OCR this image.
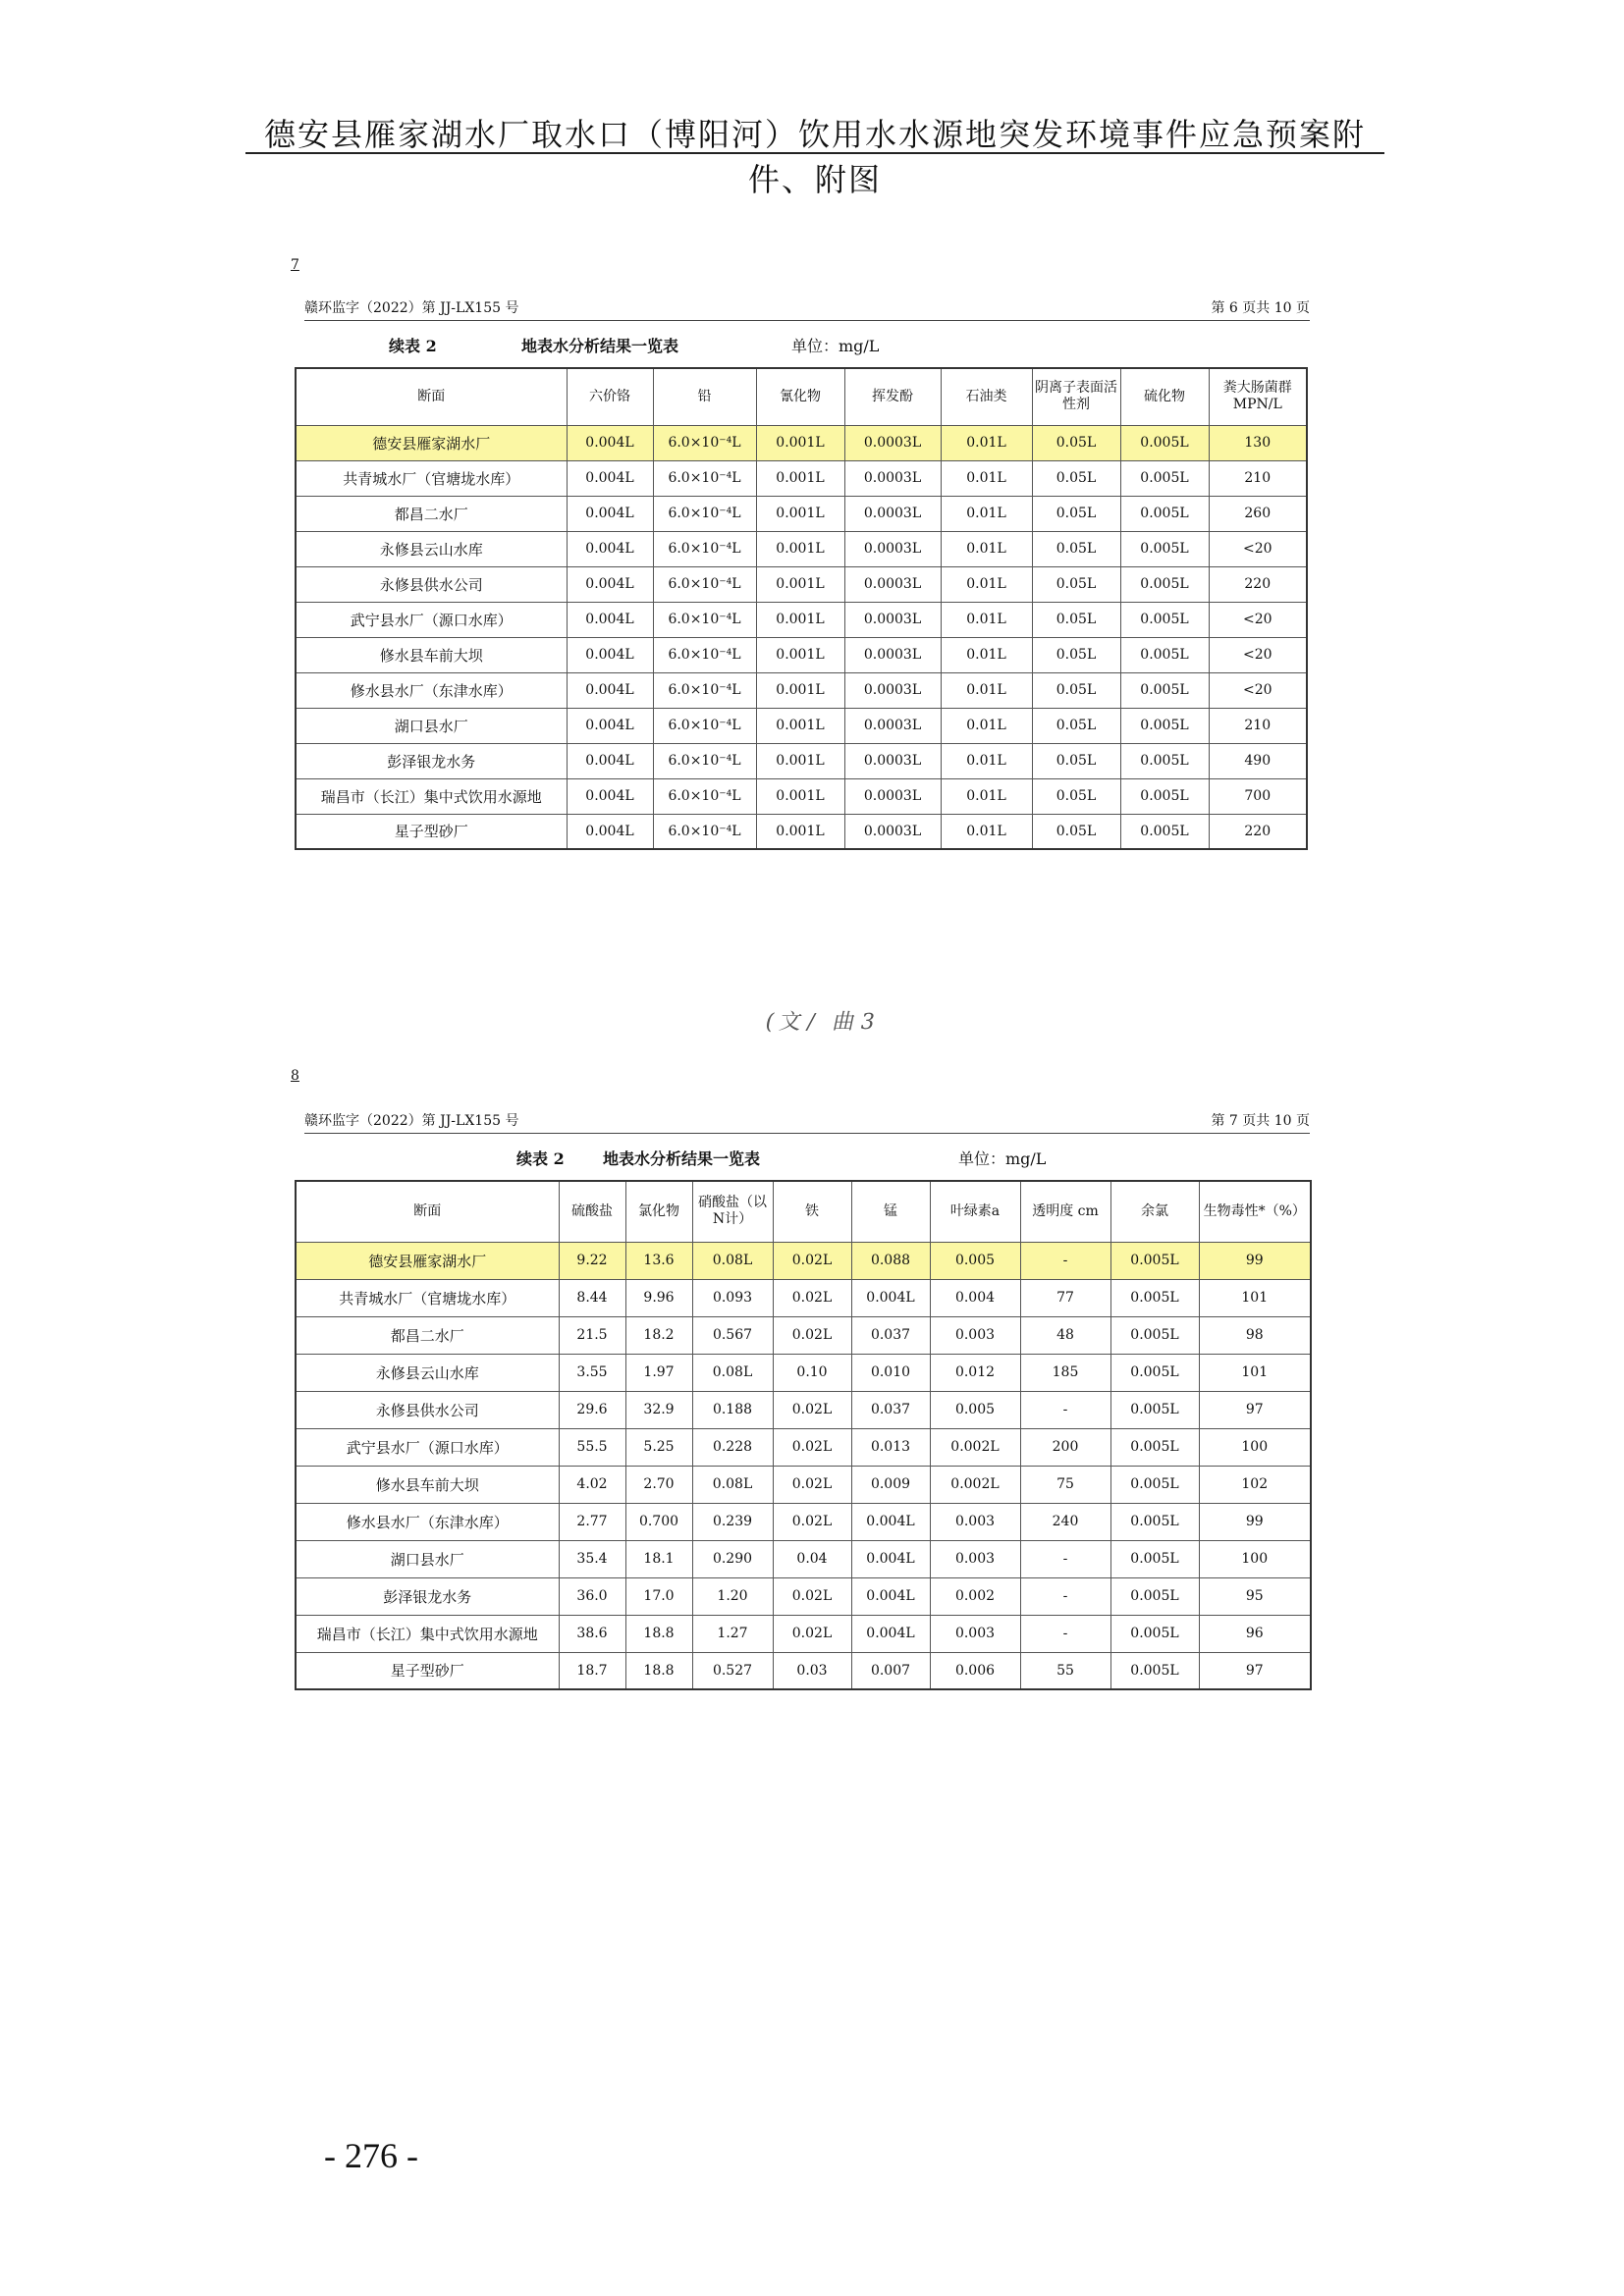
德安县雁家湖水厂取水口（博阳河）饮用水水源地突发环境事件应急预案附件、附图
7
赣环监字（2022）第 JJ-LX155 号	第 6 页共 10 页
续表 2	地表水分析结果一览表	单位：mg/L
断面	六价铬	铅	氰化物	挥发酚	石油类	阴离子表面活性剂	硫化物	粪大肠菌群 MPN/L
德安县雁家湖水厂	0.004L	6.0×10⁻⁴L	0.001L	0.0003L	0.01L	0.05L	0.005L	130
共青城水厂（官塘垅水库）	0.004L	6.0×10⁻⁴L	0.001L	0.0003L	0.01L	0.05L	0.005L	210
都昌二水厂	0.004L	6.0×10⁻⁴L	0.001L	0.0003L	0.01L	0.05L	0.005L	260
永修县云山水库	0.004L	6.0×10⁻⁴L	0.001L	0.0003L	0.01L	0.05L	0.005L	<20
永修县供水公司	0.004L	6.0×10⁻⁴L	0.001L	0.0003L	0.01L	0.05L	0.005L	220
武宁县水厂（源口水库）	0.004L	6.0×10⁻⁴L	0.001L	0.0003L	0.01L	0.05L	0.005L	<20
修水县车前大坝	0.004L	6.0×10⁻⁴L	0.001L	0.0003L	0.01L	0.05L	0.005L	<20
修水县水厂（东津水库）	0.004L	6.0×10⁻⁴L	0.001L	0.0003L	0.01L	0.05L	0.005L	<20
湖口县水厂	0.004L	6.0×10⁻⁴L	0.001L	0.0003L	0.01L	0.05L	0.005L	210
彭泽银龙水务	0.004L	6.0×10⁻⁴L	0.001L	0.0003L	0.01L	0.05L	0.005L	490
瑞昌市（长江）集中式饮用水源地	0.004L	6.0×10⁻⁴L	0.001L	0.0003L	0.01L	0.05L	0.005L	700
星子型砂厂	0.004L	6.0×10⁻⁴L	0.001L	0.0003L	0.01L	0.05L	0.005L	220
(文/ 曲3
8
赣环监字（2022）第 JJ-LX155 号	第 7 页共 10 页
续表 2 地表水分析结果一览表	单位：mg/L
断面	硫酸盐	氯化物	硝酸盐（以N计）	铁	锰	叶绿素a	透明度 cm	余氯	生物毒性*（%）
德安县雁家湖水厂	9.22	13.6	0.08L	0.02L	0.088	0.005	-	0.005L	99
共青城水厂（官塘垅水库）	8.44	9.96	0.093	0.02L	0.004L	0.004	77	0.005L	101
都昌二水厂	21.5	18.2	0.567	0.02L	0.037	0.003	48	0.005L	98
永修县云山水库	3.55	1.97	0.08L	0.10	0.010	0.012	185	0.005L	101
永修县供水公司	29.6	32.9	0.188	0.02L	0.037	0.005	-	0.005L	97
武宁县水厂（源口水库）	55.5	5.25	0.228	0.02L	0.013	0.002L	200	0.005L	100
修水县车前大坝	4.02	2.70	0.08L	0.02L	0.009	0.002L	75	0.005L	102
修水县水厂（东津水库）	2.77	0.700	0.239	0.02L	0.004L	0.003	240	0.005L	99
湖口县水厂	35.4	18.1	0.290	0.04	0.004L	0.003	-	0.005L	100
彭泽银龙水务	36.0	17.0	1.20	0.02L	0.004L	0.002	-	0.005L	95
瑞昌市（长江）集中式饮用水源地	38.6	18.8	1.27	0.02L	0.004L	0.003	-	0.005L	96
星子型砂厂	18.7	18.8	0.527	0.03	0.007	0.006	55	0.005L	97
- 276 -
